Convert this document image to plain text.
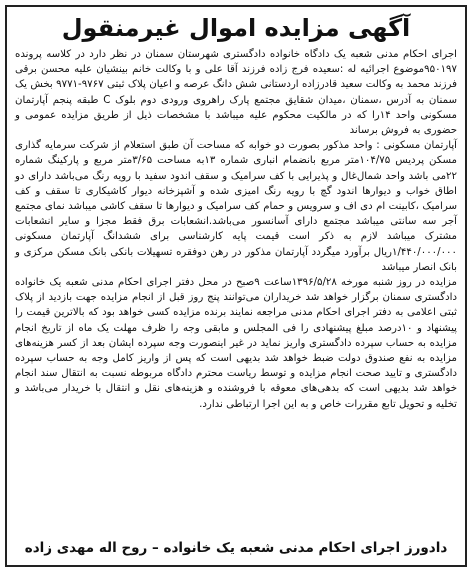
آگهی مزایده اموال غیرمنقول

اجرای احکام مدنی شعبه یک دادگاه خانواده دادگستری شهرستان سمنان در نظر دارد در کلاسه پرونده ۹۵۰۱۹۷موضوع اجرائیه له :سعیده فرج زاده فرزند آقا علی و با وکالت خانم بینشیان علیه محسن برقی فرزند محمد به وکالت سعید قادرزاده اردستانی شش دانگ عرصه و اعیان پلاک ثبتی ۹۷۶۷-۹۷۷۱ بخش یک سمنان به آدرس ،سمنان ،میدان شقایق مجتمع پارک راهروی ورودی دوم بلوک C طبقه پنجم آپارتمان مسکونی واحد ۱۴را که در مالکیت محکوم علیه میباشد با مشخصات ذیل از طریق مزایده عمومی و حضوری به فروش برساند

آپارتمان مسکونی : واحد مذکور بصورت دو خوابه که مساحت آن طبق استعلام از شرکت سرمایه گذاری مسکن پردیس ۱۰۴/۷۵متر مربع بانضمام انباری شماره ۱۳به مساحت ۳/۶۵متر مربع و پارکینگ شماره ۲۲می باشد واحد شمال‌غال و پذیرایی با کف سرامیک و سقف اندود سفید با رویه رنگ می‌باشد دارای دو اطاق خواب و دیوارها اندود گچ با رویه رنگ امیزی شده و آشپزخانه دیوار کاشیکاری تا سقف و کف سرامیک ،کابینت ام دی اف و سرویس و حمام کف سرامیک و دیوارها تا سقف کاشی میباشد نمای مجتمع آجر سه سانتی میباشد مجتمع دارای آسانسور می‌باشد.انشعابات برق فقط مجزا و سایر انشعابات مشترک میباشد لازم به ذکر است قیمت پایه کارشناسی برای ششدانگ آپارتمان مسکونی ۱/۴۴۰/۰۰۰/۰۰۰ریال برآورد میگردد آپارتمان مذکور در رهن دوفقره تسهیلات بانکی بانک مسکن مرکزی و بانک انصار میباشد

مزایده در روز شنبه مورخه ۱۳۹۶/۵/۲۸ساعت ۹صبح در محل دفتر اجرای احکام مدنی شعبه یک خانواده دادگستری سمنان برگزار خواهد شد خریداران می‌توانند پنج روز قبل از انجام مزایده جهت بازدید از پلاک ثبتی اعلامی به دفتر اجرای احکام مدنی مراجعه نمایند برنده مزایده کسی خواهد بود که بالاترین قیمت را پیشنهاد و ۱۰درصد مبلغ پیشنهادی را فی المجلس و مابقی وجه را ظرف مهلت یک ماه از تاریخ انجام مزایده به حساب سپرده دادگستری واریز نماید در غیر اینصورت وجه سپرده ایشان بعد از کسر هزینه‌های مزایده به نفع صندوق دولت ضبط خواهد شد بدیهی است که پس از واریز کامل وجه به حساب سپرده دادگستری و تایید صحت انجام مزایده و توسط ریاست محترم دادگاه مربوطه نسبت به انتقال سند انجام خواهد شد بدیهی است که بدهی‌های معوقه با فروشنده و هزینه‌های نقل و انتقال با خریدار می‌باشد و تخلیه و تحویل تابع مقررات خاص و به این اجرا ارتباطی ندارد.

دادورز اجرای احکام مدنی شعبه یک خانواده – روح اله مهدی زاده
